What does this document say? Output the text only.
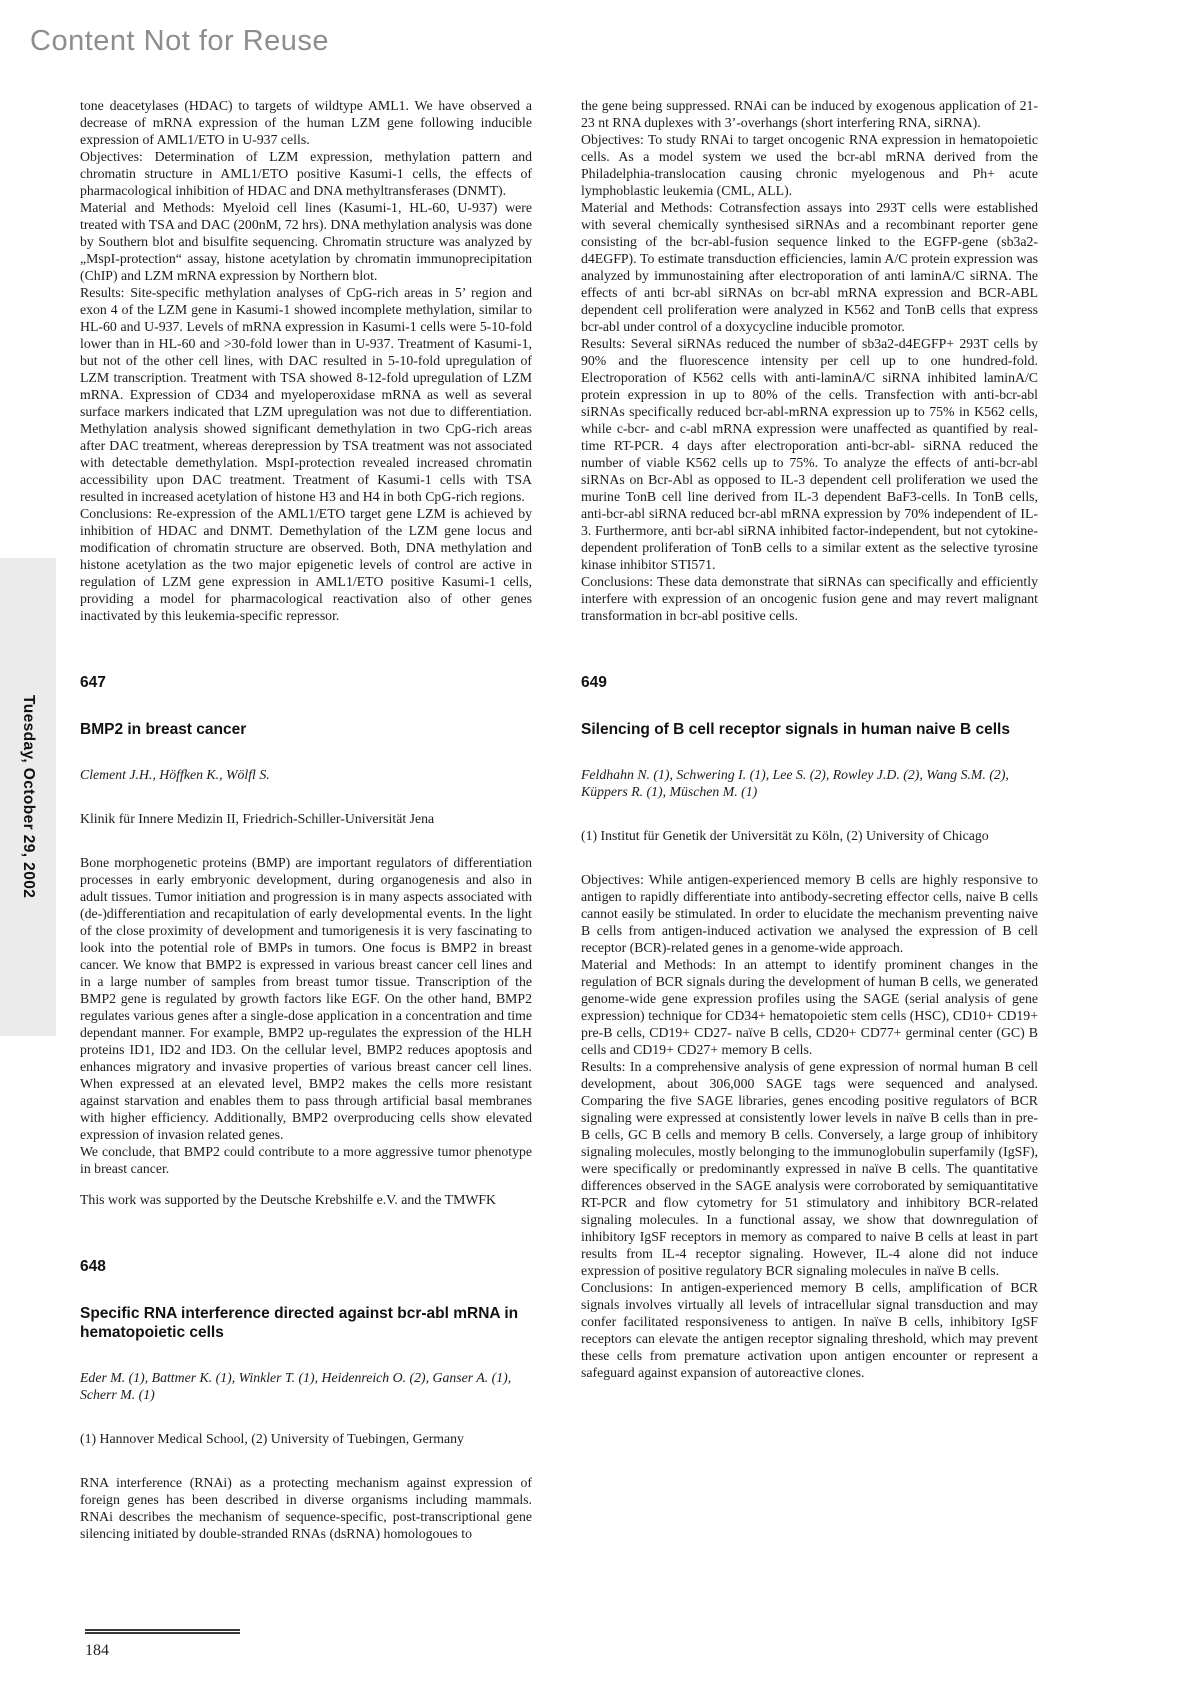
Content Not for Reuse
Tuesday, October 29, 2002

tone deacetylases (HDAC) to targets of wildtype AML1. We have observed a decrease of mRNA expression of the human LZM gene following inducible expression of AML1/ETO in U-937 cells.

Objectives: Determination of LZM expression, methylation pattern and chromatin structure in AML1/ETO positive Kasumi-1 cells, the effects of pharmacological inhibition of HDAC and DNA methyltransferases (DNMT).

Material and Methods: Myeloid cell lines (Kasumi-1, HL-60, U-937) were treated with TSA and DAC (200nM, 72 hrs). DNA methylation analysis was done by Southern blot and bisulfite sequencing. Chromatin structure was analyzed by „MspI-protection“ assay, histone acetylation by chromatin immunoprecipitation (ChIP) and LZM mRNA expression by Northern blot.

Results: Site-specific methylation analyses of CpG-rich areas in 5’ region and exon 4 of the LZM gene in Kasumi-1 showed incomplete methylation, similar to HL-60 and U-937. Levels of mRNA expression in Kasumi-1 cells were 5-10-fold lower than in HL-60 and >30-fold lower than in U-937. Treatment of Kasumi-1, but not of the other cell lines, with DAC resulted in 5-10-fold upregulation of LZM transcription. Treatment with TSA showed 8-12-fold upregulation of LZM mRNA. Expression of CD34 and myeloperoxidase mRNA as well as several surface markers indicated that LZM upregulation was not due to differentiation. Methylation analysis showed significant demethylation in two CpG-rich areas after DAC treatment, whereas derepression by TSA treatment was not associated with detectable demethylation. MspI-protection revealed increased chromatin accessibility upon DAC treatment. Treatment of Kasumi-1 cells with TSA resulted in increased acetylation of histone H3 and H4 in both CpG-rich regions.

Conclusions: Re-expression of the AML1/ETO target gene LZM is achieved by inhibition of HDAC and DNMT. Demethylation of the LZM gene locus and modification of chromatin structure are observed. Both, DNA methylation and histone acetylation as the two major epigenetic levels of control are active in regulation of LZM gene expression in AML1/ETO positive Kasumi-1 cells, providing a model for pharmacological reactivation also of other genes inactivated by this leukemia-specific repressor.

647
BMP2 in breast cancer
Clement J.H., Höffken K., Wölfl S.
Klinik für Innere Medizin II, Friedrich-Schiller-Universität Jena

Bone morphogenetic proteins (BMP) are important regulators of differentiation processes in early embryonic development, during organogenesis and also in adult tissues. Tumor initiation and progression is in many aspects associated with (de-)differentiation and recapitulation of early developmental events. In the light of the close proximity of development and tumorigenesis it is very fascinating to look into the potential role of BMPs in tumors. One focus is BMP2 in breast cancer. We know that BMP2 is expressed in various breast cancer cell lines and in a large number of samples from breast tumor tissue. Transcription of the BMP2 gene is regulated by growth factors like EGF. On the other hand, BMP2 regulates various genes after a single-dose application in a concentration and time dependant manner. For example, BMP2 up-regulates the expression of the HLH proteins ID1, ID2 and ID3. On the cellular level, BMP2 reduces apoptosis and enhances migratory and invasive properties of various breast cancer cell lines. When expressed at an elevated level, BMP2 makes the cells more resistant against starvation and enables them to pass through artificial basal membranes with higher efficiency. Additionally, BMP2 overproducing cells show elevated expression of invasion related genes.

We conclude, that BMP2 could contribute to a more aggressive tumor phenotype in breast cancer.

This work was supported by the Deutsche Krebshilfe e.V. and the TMWFK
648
Specific RNA interference directed against bcr-abl mRNA in hematopoietic cells
Eder M. (1), Battmer K. (1), Winkler T. (1), Heidenreich O. (2), Ganser A. (1), Scherr M. (1)
(1) Hannover Medical School, (2) University of Tuebingen, Germany

RNA interference (RNAi) as a protecting mechanism against expression of foreign genes has been described in diverse organisms including mammals. RNAi describes the mechanism of sequence-specific, post-transcriptional gene silencing initiated by double-stranded RNAs (dsRNA) homologoues to

the gene being suppressed. RNAi can be induced by exogenous application of 21-23 nt RNA duplexes with 3’-overhangs (short interfering RNA, siRNA).

Objectives: To study RNAi to target oncogenic RNA expression in hematopoietic cells. As a model system we used the bcr-abl mRNA derived from the Philadelphia-translocation causing chronic myelogenous and Ph+ acute lymphoblastic leukemia (CML, ALL).

Material and Methods: Cotransfection assays into 293T cells were established with several chemically synthesised siRNAs and a recombinant reporter gene consisting of the bcr-abl-fusion sequence linked to the EGFP-gene (sb3a2-d4EGFP). To estimate transduction efficiencies, lamin A/C protein expression was analyzed by immunostaining after electroporation of anti laminA/C siRNA. The effects of anti bcr-abl siRNAs on bcr-abl mRNA expression and BCR-ABL dependent cell proliferation were analyzed in K562 and TonB cells that express bcr-abl under control of a doxycycline inducible promotor.

Results: Several siRNAs reduced the number of sb3a2-d4EGFP+ 293T cells by 90% and the fluorescence intensity per cell up to one hundred-fold. Electroporation of K562 cells with anti-laminA/C siRNA inhibited laminA/C protein expression in up to 80% of the cells. Transfection with anti-bcr-abl siRNAs specifically reduced bcr-abl-mRNA expression up to 75% in K562 cells, while c-bcr- and c-abl mRNA expression were unaffected as quantified by real-time RT-PCR. 4 days after electroporation anti-bcr-abl- siRNA reduced the number of viable K562 cells up to 75%. To analyze the effects of anti-bcr-abl siRNAs on Bcr-Abl as opposed to IL-3 dependent cell proliferation we used the murine TonB cell line derived from IL-3 dependent BaF3-cells. In TonB cells, anti-bcr-abl siRNA reduced bcr-abl mRNA expression by 70% independent of IL-3. Furthermore, anti bcr-abl siRNA inhibited factor-independent, but not cytokine-dependent proliferation of TonB cells to a similar extent as the selective tyrosine kinase inhibitor STI571.

Conclusions: These data demonstrate that siRNAs can specifically and efficiently interfere with expression of an oncogenic fusion gene and may revert malignant transformation in bcr-abl positive cells.

649
Silencing of B cell receptor signals in human naive B cells
Feldhahn N. (1), Schwering I. (1), Lee S. (2), Rowley J.D. (2), Wang S.M. (2), Küppers R. (1), Müschen M. (1)
(1) Institut für Genetik der Universität zu Köln, (2) University of Chicago

Objectives: While antigen-experienced memory B cells are highly responsive to antigen to rapidly differentiate into antibody-secreting effector cells, naive B cells cannot easily be stimulated. In order to elucidate the mechanism preventing naive B cells from antigen-induced activation we analysed the expression of B cell receptor (BCR)-related genes in a genome-wide approach.

Material and Methods: In an attempt to identify prominent changes in the regulation of BCR signals during the development of human B cells, we generated genome-wide gene expression profiles using the SAGE (serial analysis of gene expression) technique for CD34+ hematopoietic stem cells (HSC), CD10+ CD19+ pre-B cells, CD19+ CD27- naïve B cells, CD20+ CD77+ germinal center (GC) B cells and CD19+ CD27+ memory B cells.

Results: In a comprehensive analysis of gene expression of normal human B cell development, about 306,000 SAGE tags were sequenced and analysed. Comparing the five SAGE libraries, genes encoding positive regulators of BCR signaling were expressed at consistently lower levels in naïve B cells than in pre-B cells, GC B cells and memory B cells. Conversely, a large group of inhibitory signaling molecules, mostly belonging to the immunoglobulin superfamily (IgSF), were specifically or predominantly expressed in naïve B cells. The quantitative differences observed in the SAGE analysis were corroborated by semiquantitative RT-PCR and flow cytometry for 51 stimulatory and inhibitory BCR-related signaling molecules. In a functional assay, we show that downregulation of inhibitory IgSF receptors in memory as compared to naive B cells at least in part results from IL-4 receptor signaling. However, IL-4 alone did not induce expression of positive regulatory BCR signaling molecules in naïve B cells.

Conclusions: In antigen-experienced memory B cells, amplification of BCR signals involves virtually all levels of intracellular signal transduction and may confer facilitated responsiveness to antigen. In naïve B cells, inhibitory IgSF receptors can elevate the antigen receptor signaling threshold, which may prevent these cells from premature activation upon antigen encounter or represent a safeguard against expansion of autoreactive clones.

184
